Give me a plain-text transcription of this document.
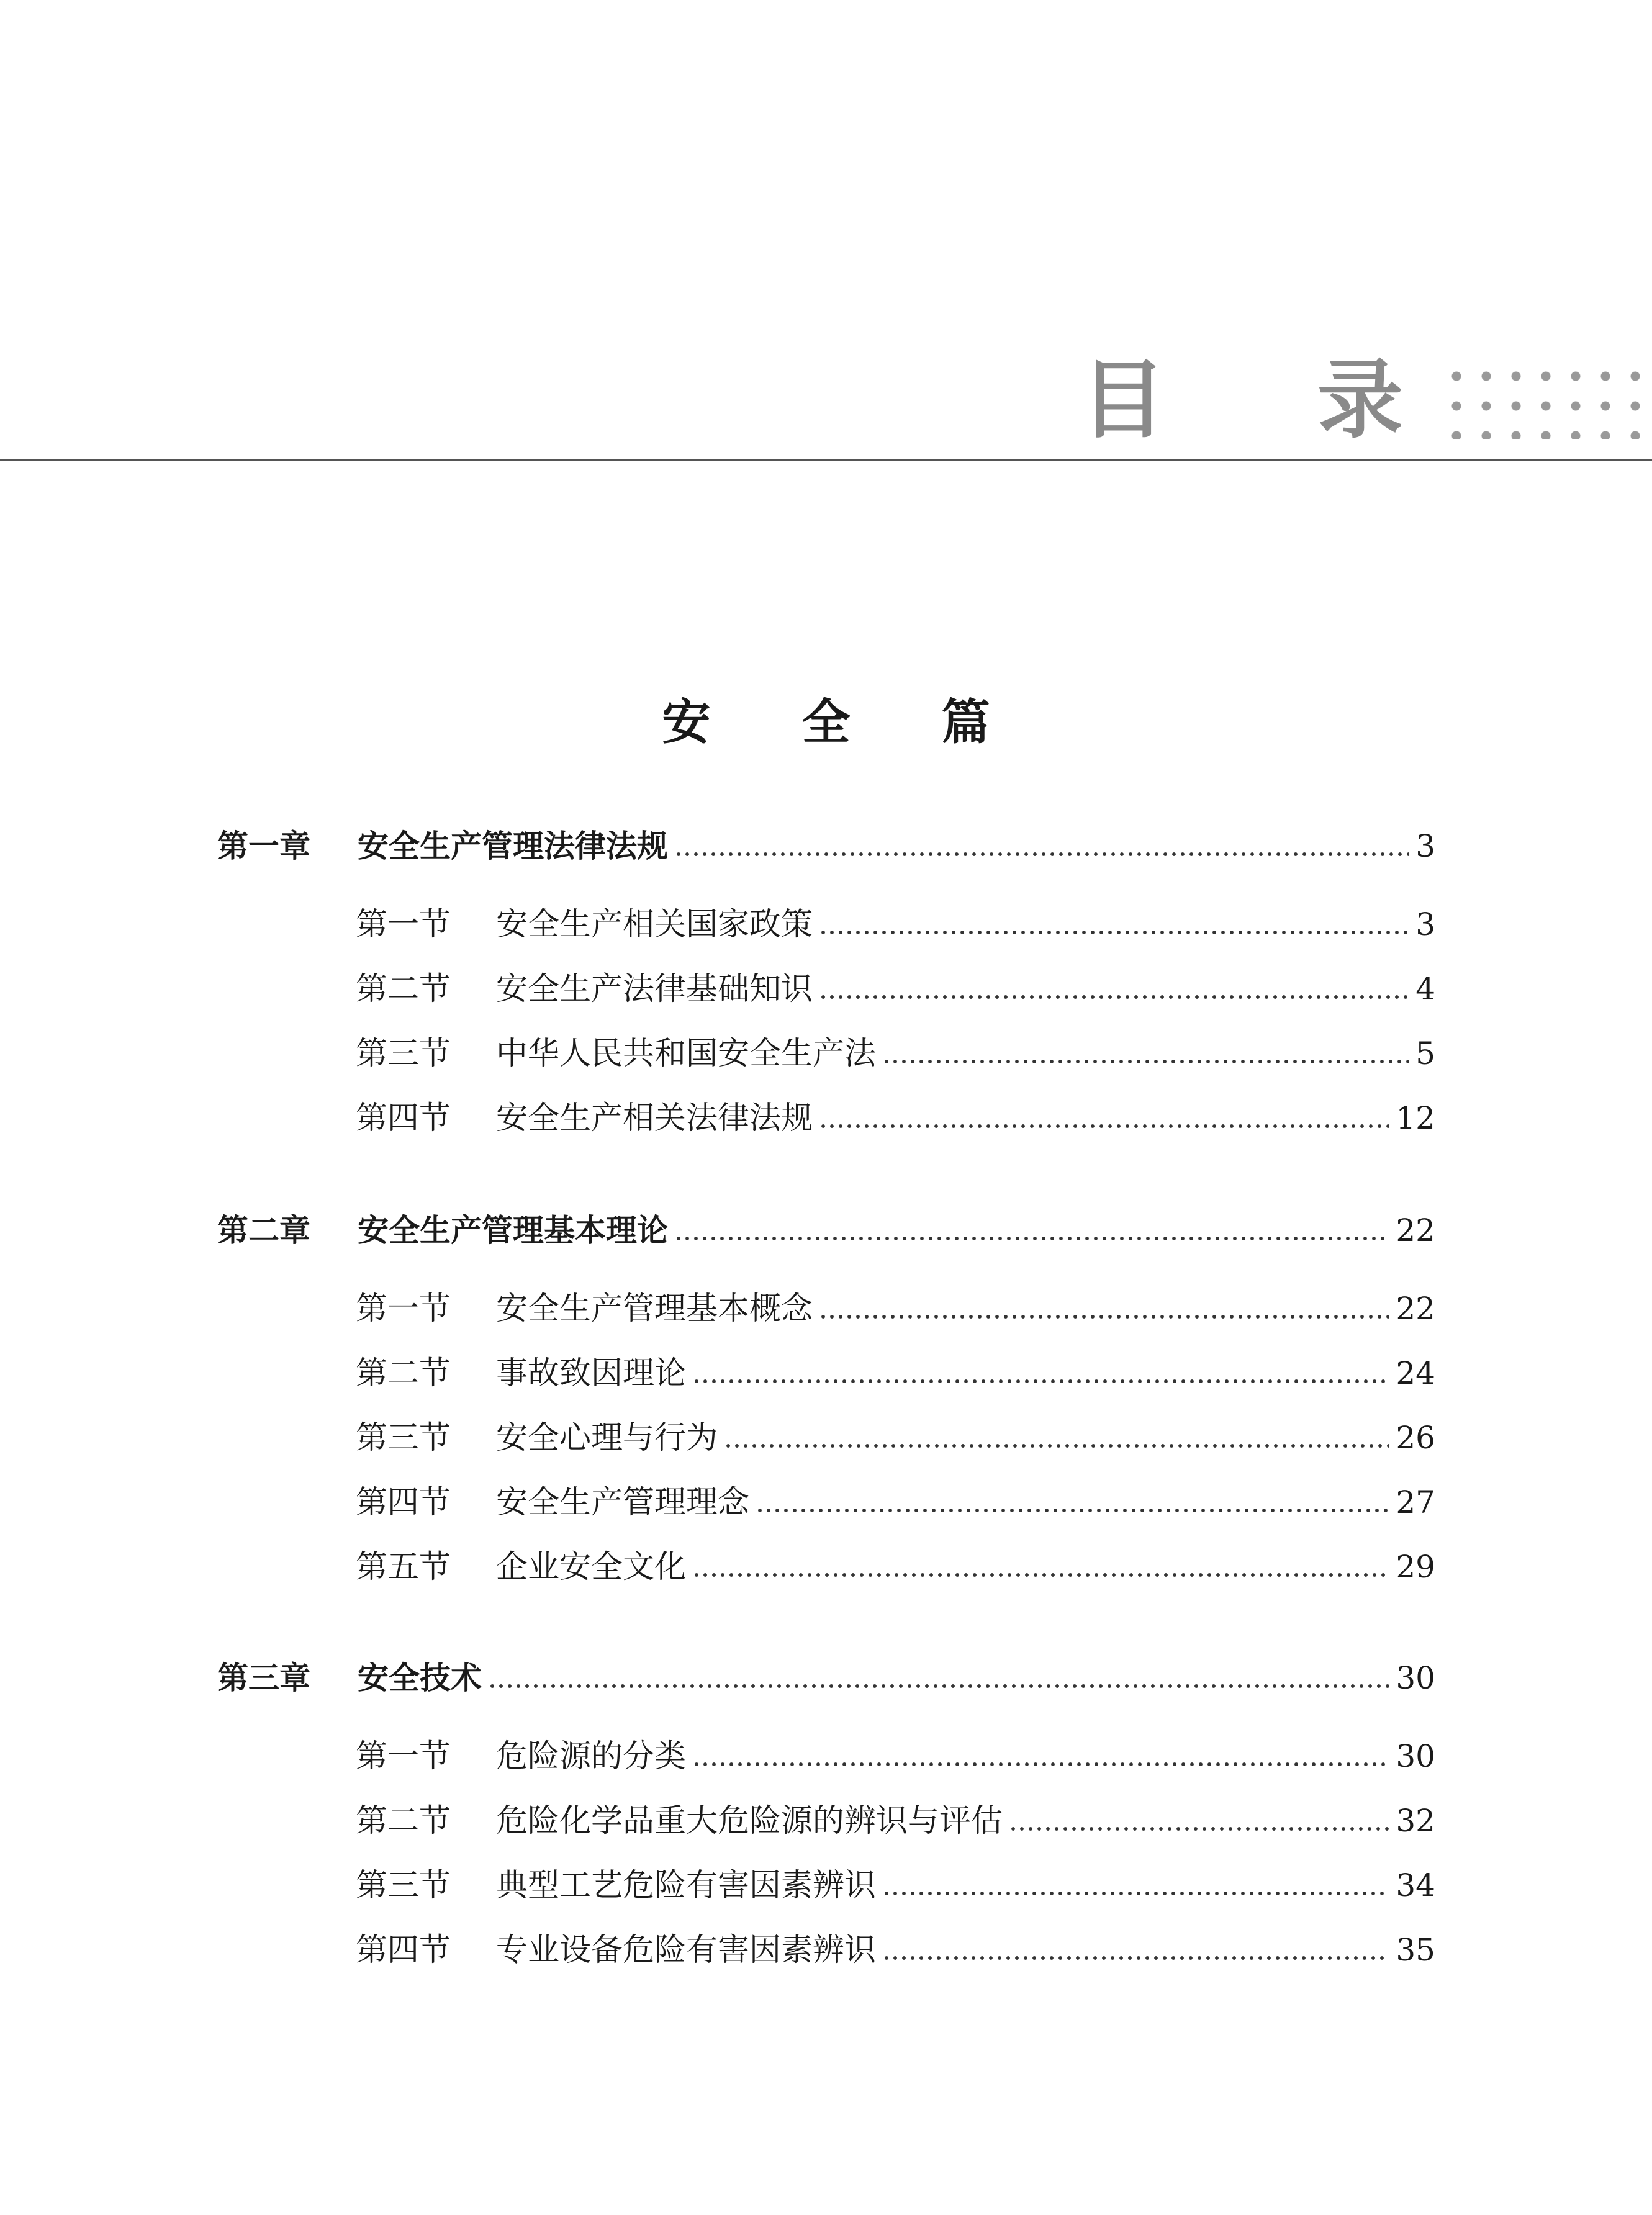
目 录
安 全 篇
第一章	安全生产管理法律法规	3
第一节	安全生产相关国家政策	3
第二节	安全生产法律基础知识	4
第三节	中华人民共和国安全生产法	5
第四节	安全生产相关法律法规	12
第二章	安全生产管理基本理论	22
第一节	安全生产管理基本概念	22
第二节	事故致因理论	24
第三节	安全心理与行为	26
第四节	安全生产管理理念	27
第五节	企业安全文化	29
第三章	安全技术	30
第一节	危险源的分类	30
第二节	危险化学品重大危险源的辨识与评估	32
第三节	典型工艺危险有害因素辨识	34
第四节	专业设备危险有害因素辨识	35
